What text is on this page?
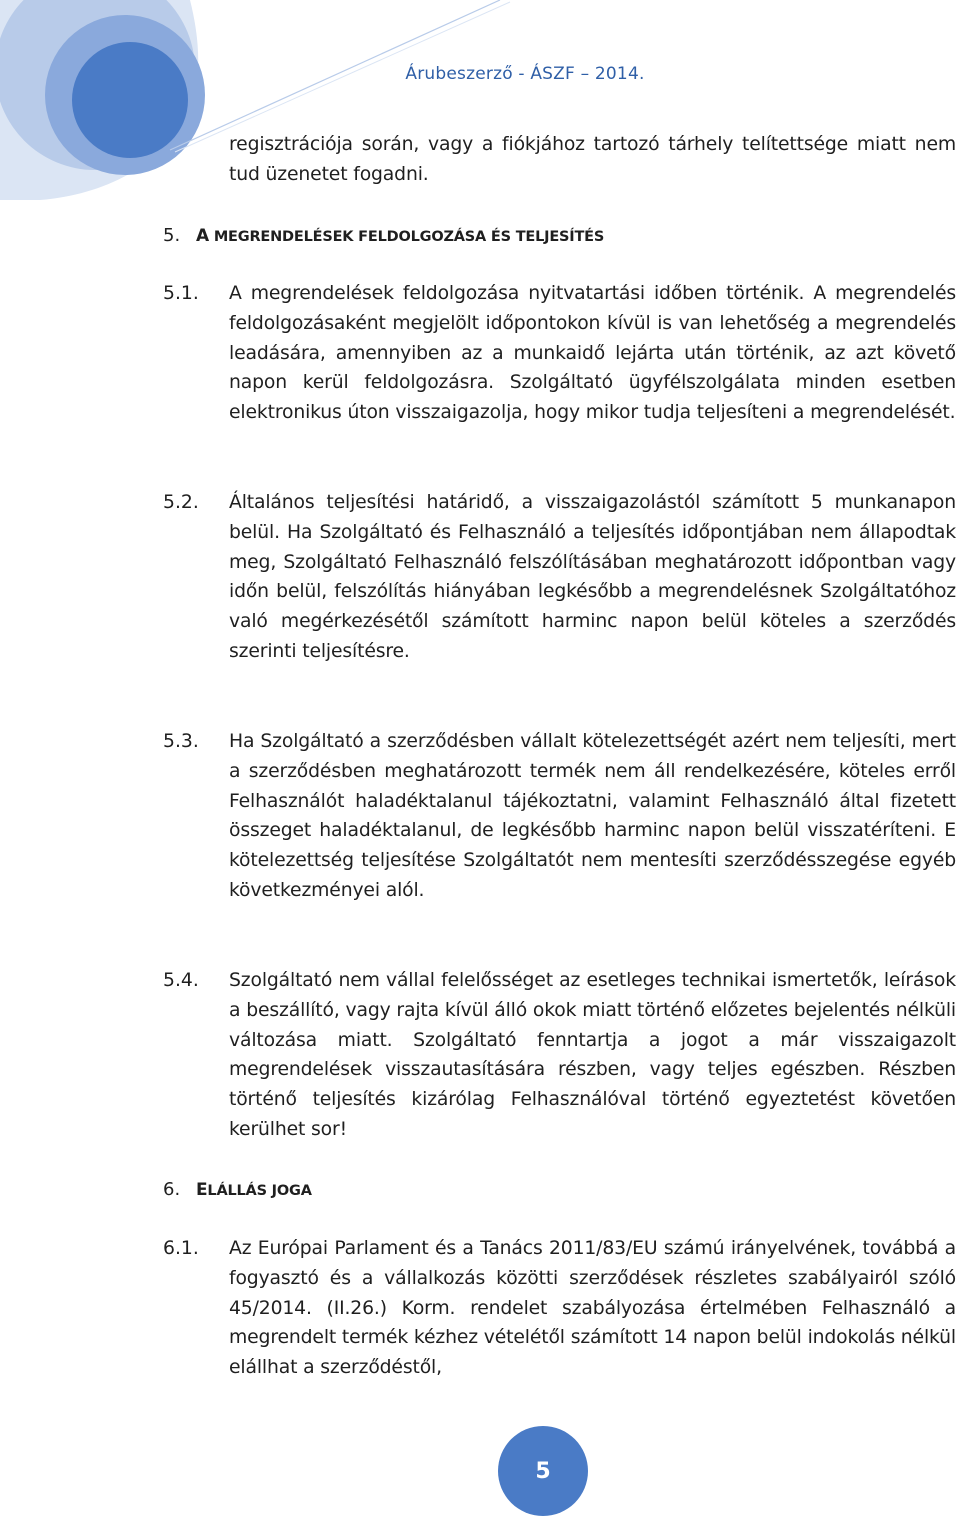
Árubeszerző - ÁSZF – 2014.
regisztrációja során, vagy a fiókjához tartozó tárhely telítettsége miatt nem tud üzenetet fogadni.
5. A MEGRENDELÉSEK FELDOLGOZÁSA ÉS TELJESÍTÉS
5.1. A megrendelések feldolgozása nyitvatartási időben történik. A megrendelés feldolgozásaként megjelölt időpontokon kívül is van lehetőség a megrendelés leadására, amennyiben az a munkaidő lejárta után történik, az azt követő napon kerül feldolgozásra. Szolgáltató ügyfélszolgálata minden esetben elektronikus úton visszaigazolja, hogy mikor tudja teljesíteni a megrendelését.
5.2. Általános teljesítési határidő, a visszaigazolástól számított 5 munkanapon belül. Ha Szolgáltató és Felhasználó a teljesítés időpontjában nem állapodtak meg, Szolgáltató Felhasználó felszólításában meghatározott időpontban vagy időn belül, felszólítás hiányában legkésőbb a megrendelésnek Szolgáltatóhoz való megérkezésétől számított harminc napon belül köteles a szerződés szerinti teljesítésre.
5.3. Ha Szolgáltató a szerződésben vállalt kötelezettségét azért nem teljesíti, mert a szerződésben meghatározott termék nem áll rendelkezésére, köteles erről Felhasználót haladéktalanul tájékoztatni, valamint Felhasználó által fizetett összeget haladéktalanul, de legkésőbb harminc napon belül visszatéríteni. E kötelezettség teljesítése Szolgáltatót nem mentesíti szerződésszegése egyéb következményei alól.
5.4. Szolgáltató nem vállal felelősséget az esetleges technikai ismertetők, leírások a beszállító, vagy rajta kívül álló okok miatt történő előzetes bejelentés nélküli változása miatt. Szolgáltató fenntartja a jogot a már visszaigazolt megrendelések visszautasítására részben, vagy teljes egészben. Részben történő teljesítés kizárólag Felhasználóval történő egyeztetést követően kerülhet sor!
6. ELÁLLÁS JOGA
6.1. Az Európai Parlament és a Tanács 2011/83/EU számú irányelvének, továbbá a fogyasztó és a vállalkozás közötti szerződések részletes szabályairól szóló 45/2014. (II.26.) Korm. rendelet szabályozása értelmében Felhasználó a megrendelt termék kézhez vételétől számított 14 napon belül indokolás nélkül elállhat a szerződéstől,
5
